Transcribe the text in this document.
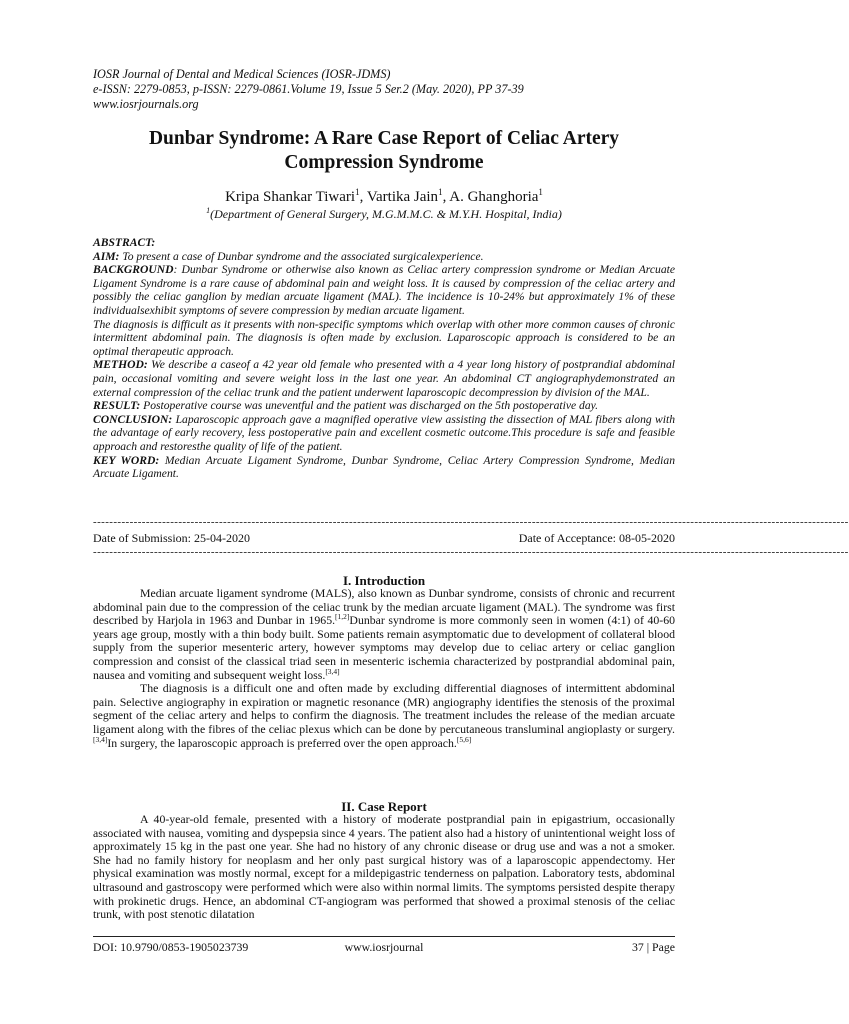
IOSR Journal of Dental and Medical Sciences (IOSR-JDMS)
e-ISSN: 2279-0853, p-ISSN: 2279-0861.Volume 19, Issue 5 Ser.2 (May. 2020), PP 37-39
www.iosrjournals.org
Dunbar Syndrome: A Rare Case Report of Celiac Artery
Compression Syndrome
Kripa Shankar Tiwari$^1$, Vartika Jain$^1$, A. Ghanghoria$^1$
$^1$(Department of General Surgery, M.G.M.M.C. & M.Y.H. Hospital, India)

ABSTRACT:

AIM: To present a case of Dunbar syndrome and the associated surgicalexperience.

BACKGROUND: Dunbar Syndrome or otherwise also known as Celiac artery compression syndrome or Median Arcuate Ligament Syndrome is a rare cause of abdominal pain and weight loss. It is caused by compression of the celiac artery and possibly the celiac ganglion by median arcuate ligament (MAL). The incidence is 10-24% but approximately 1% of these individualsexhibit symptoms of severe compression by median arcuate ligament.

The diagnosis is difficult as it presents with non-specific symptoms which overlap with other more common causes of chronic intermittent abdominal pain. The diagnosis is often made by exclusion. Laparoscopic approach is considered to be an optimal therapeutic approach.

METHOD: We describe a caseof a 42 year old female who presented with a 4 year long history of postprandial abdominal pain, occasional vomiting and severe weight loss in the last one year. An abdominal CT angiographydemonstrated an external compression of the celiac trunk and the patient underwent laparoscopic decompression by division of the MAL.

RESULT: Postoperative course was uneventful and the patient was discharged on the 5th postoperative day.

CONCLUSION: Laparoscopic approach gave a magnified operative view assisting the dissection of MAL fibers along with the advantage of early recovery, less postoperative pain and excellent cosmetic outcome.This procedure is safe and feasible approach and restoresthe quality of life of the patient.

KEY WORD: Median Arcuate Ligament Syndrome, Dunbar Syndrome, Celiac Artery Compression Syndrome, Median Arcuate Ligament.

------------------------------------------------------------------------------------------------------------------------------------------------------------------------------------------
Date of Submission: 25-04-2020	Date of Acceptance: 08-05-2020
------------------------------------------------------------------------------------------------------------------------------------------------------------------------------------------
I. Introduction

Median arcuate ligament syndrome (MALS), also known as Dunbar syndrome, consists of chronic and recurrent abdominal pain due to the compression of the celiac trunk by the median arcuate ligament (MAL). The syndrome was first described by Harjola in 1963 and Dunbar in 1965.[1,2]Dunbar syndrome is more commonly seen in women (4:1) of 40-60 years age group, mostly with a thin body built. Some patients remain asymptomatic due to development of collateral blood supply from the superior mesenteric artery, however symptoms may develop due to celiac artery or celiac ganglion compression and consist of the classical triad seen in mesenteric ischemia characterized by postprandial abdominal pain, nausea and vomiting and subsequent weight loss.[3,4]

The diagnosis is a difficult one and often made by excluding differential diagnoses of intermittent abdominal pain. Selective angiography in expiration or magnetic resonance (MR) angiography identifies the stenosis of the proximal segment of the celiac artery and helps to confirm the diagnosis. The treatment includes the release of the median arcuate ligament along with the fibres of the celiac plexus which can be done by percutaneous transluminal angioplasty or surgery.[3,4]In surgery, the laparoscopic approach is preferred over the open approach.[5,6]

II. Case Report

A 40-year-old female, presented with a history of moderate postprandial pain in epigastrium, occasionally associated with nausea, vomiting and dyspepsia since 4 years. The patient also had a history of unintentional weight loss of approximately 15 kg in the past one year. She had no history of any chronic disease or drug use and was a not a smoker. She had no family history for neoplasm and her only past surgical history was of a laparoscopic appendectomy. Her physical examination was mostly normal, except for a mildepigastric tenderness on palpation. Laboratory tests, abdominal ultrasound and gastroscopy were performed which were also within normal limits. The symptoms persisted despite therapy with prokinetic drugs. Hence, an abdominal CT-angiogram was performed that showed a proximal stenosis of the celiac trunk, with post stenotic dilatation

DOI: 10.9790/0853-1905023739	www.iosrjournal	37 | Page
